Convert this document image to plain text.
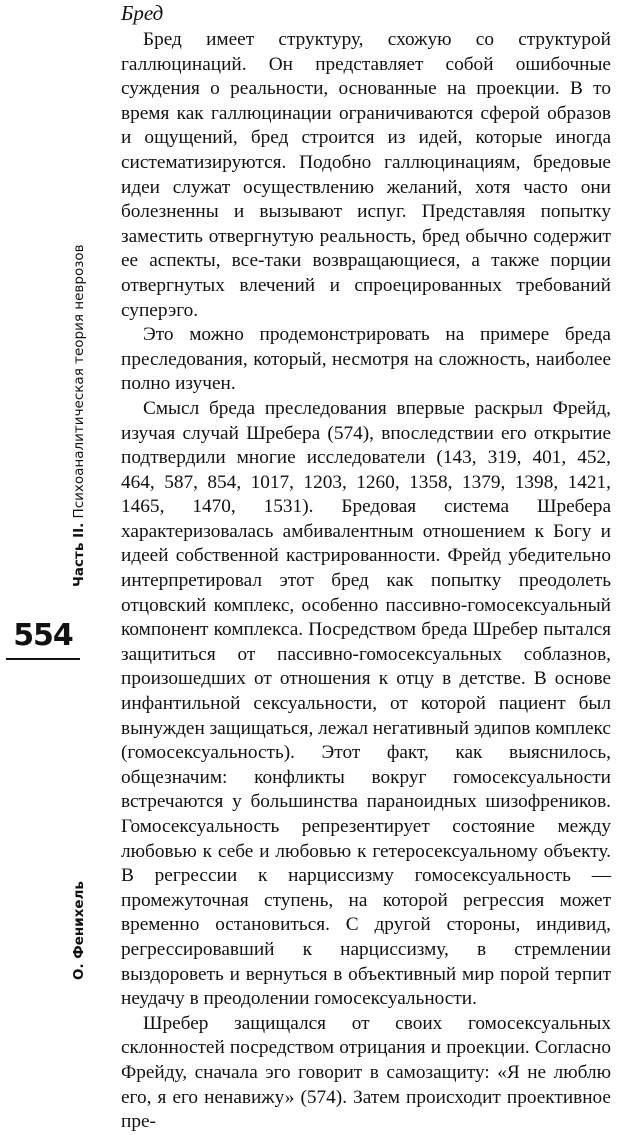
Бред

Бред имеет структуру, схожую со структурой галлюцинаций. Он представляет собой ошибочные суждения о реальности, основанные на проекции. В то время как галлюцинации ограничиваются сферой образов и ощущений, бред строится из идей, которые иногда систематизируются. Подобно галлюцинациям, бредовые идеи служат осуществлению желаний, хотя часто они болезненны и вызывают испуг. Представляя попытку заместить отвергнутую реальность, бред обычно содержит ее аспекты, все-таки возвращающиеся, а также порции отвергнутых влечений и спроецированных требований суперэго.

Это можно продемонстрировать на примере бреда преследования, который, несмотря на сложность, наиболее полно изучен.

Смысл бреда преследования впервые раскрыл Фрейд, изучая случай Шребера (574), впоследствии его открытие подтвердили многие исследователи (143, 319, 401, 452, 464, 587, 854, 1017, 1203, 1260, 1358, 1379, 1398, 1421, 1465, 1470, 1531). Бредовая система Шребера характеризовалась амбивалентным отношением к Богу и идеей собственной кастрированности. Фрейд убедительно интерпретировал этот бред как попытку преодолеть отцовский комплекс, особенно пассивно-гомосексуальный компонент комплекса. Посредством бреда Шребер пытался защититься от пассивно-гомосексуальных соблазнов, произошедших от отношения к отцу в детстве. В основе инфантильной сексуальности, от которой пациент был вынужден защищаться, лежал негативный эдипов комплекс (гомосексуальность). Этот факт, как выяснилось, общезначим: конфликты вокруг гомосексуальности встречаются у большинства параноидных шизофреников. Гомосексуальность репрезентирует состояние между любовью к себе и любовью к гетеросексуальному объекту. В регрессии к нарциссизму гомосексуальность — промежуточная ступень, на которой регрессия может временно остановиться. С другой стороны, индивид, регрессировавший к нарциссизму, в стремлении выздороветь и вернуться в объективный мир порой терпит неудачу в преодолении гомосексуальности.

Шребер защищался от своих гомосексуальных склонностей посредством отрицания и проекции. Согласно Фрейду, сначала эго говорит в самозащиту: «Я не люблю его, я его ненавижу» (574). Затем происходит проективное пре-

Часть II. Психоаналитическая теория неврозов
554
О. Фенихель
